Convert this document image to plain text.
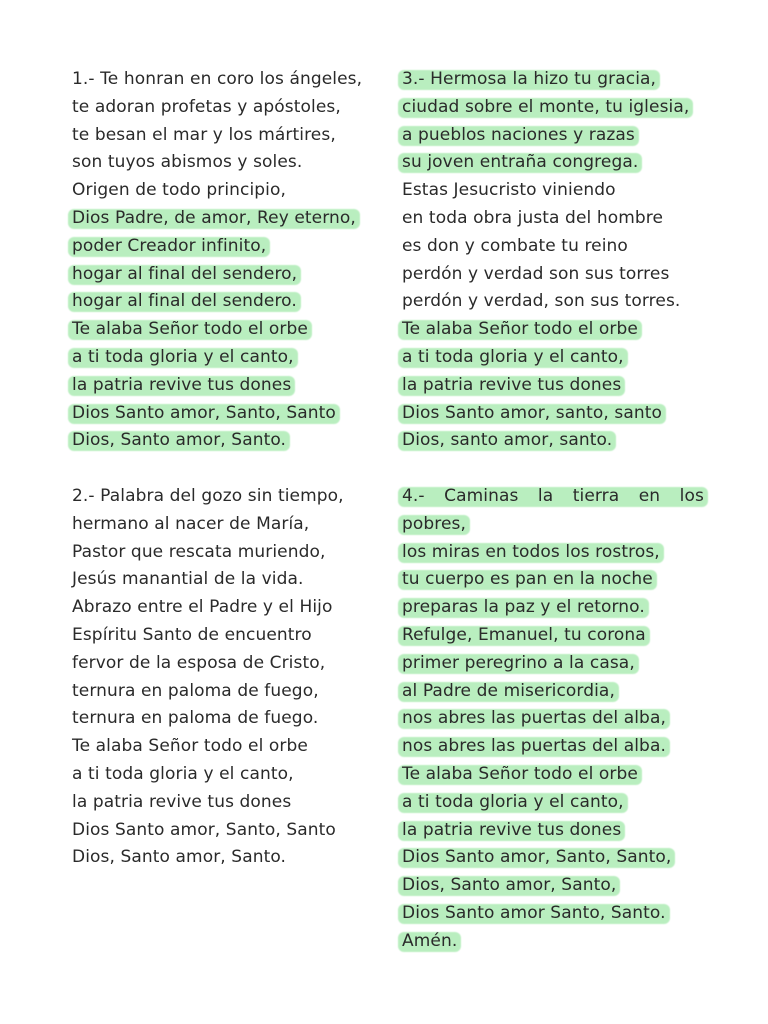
1.- Te honran en coro los ángeles,
te adoran profetas y apóstoles,
te besan el mar y los mártires,
son tuyos abismos y soles.
Origen de todo principio,
Dios Padre, de amor, Rey eterno,
poder Creador infinito,
hogar al final del sendero,
hogar al final del sendero.
Te alaba Señor todo el orbe
a ti toda gloria y el canto,
la patria revive tus dones
Dios Santo amor, Santo, Santo
Dios, Santo amor, Santo.
3.- Hermosa la hizo tu gracia,
ciudad sobre el monte, tu iglesia,
a pueblos naciones y razas
su joven entraña congrega.
Estas Jesucristo viniendo
en toda obra justa del hombre
es don y combate tu reino
perdón y verdad son sus torres
perdón y verdad, son sus torres.
Te alaba Señor todo el orbe
a ti toda gloria y el canto,
la patria revive tus dones
Dios Santo amor, santo, santo
Dios, santo amor, santo.
2.- Palabra del gozo sin tiempo,
hermano al nacer de María,
Pastor que rescata muriendo,
Jesús manantial de la vida.
Abrazo entre el Padre y el Hijo
Espíritu Santo de encuentro
fervor de la esposa de Cristo,
ternura en paloma de fuego,
ternura en paloma de fuego.
Te alaba Señor todo el orbe
a ti toda gloria y el canto,
la patria revive tus dones
Dios Santo amor, Santo, Santo
Dios, Santo amor, Santo.
4.- Caminas la tierra en los
pobres,
los miras en todos los rostros,
tu cuerpo es pan en la noche
preparas la paz y el retorno.
Refulge, Emanuel, tu corona
primer peregrino a la casa,
al Padre de misericordia,
nos abres las puertas del alba,
nos abres las puertas del alba.
Te alaba Señor todo el orbe
a ti toda gloria y el canto,
la patria revive tus dones
Dios Santo amor, Santo, Santo,
Dios, Santo amor, Santo,
Dios Santo amor Santo, Santo.
Amén.
